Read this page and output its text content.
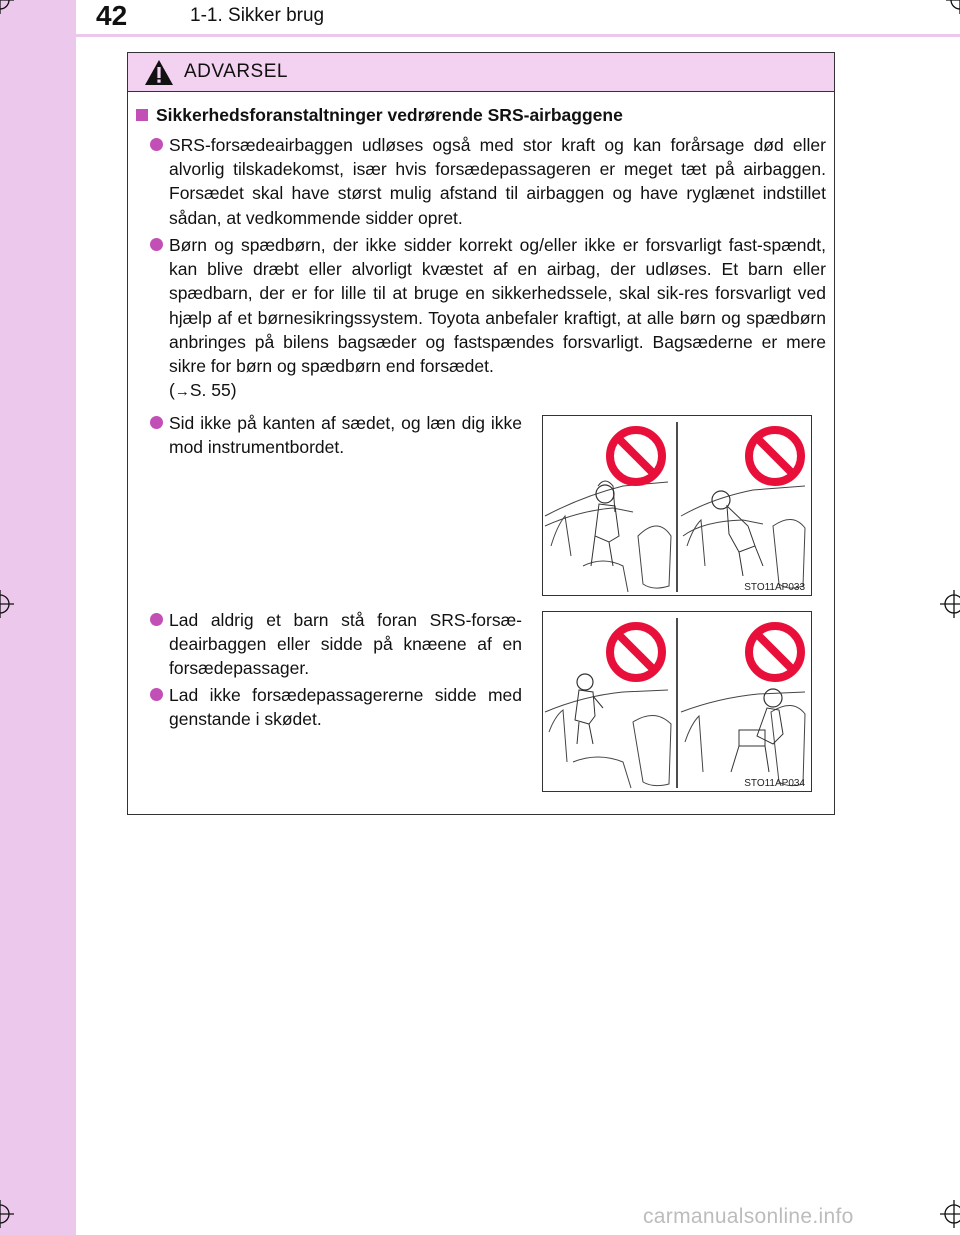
42	1-1. Sikker brug
ADVARSEL
Sikkerhedsforanstaltninger vedrørende SRS-airbaggene
SRS-forsædeairbaggen udløses også med stor kraft og kan forårsage død eller alvorlig tilskadekomst, især hvis forsædepassageren er meget tæt på airbaggen. Forsædet skal have størst mulig afstand til airbaggen og have ryglænet indstillet sådan, at vedkommende sidder opret.
Børn og spædbørn, der ikke sidder korrekt og/eller ikke er forsvarligt fast-spændt, kan blive dræbt eller alvorligt kvæstet af en airbag, der udløses. Et barn eller spædbarn, der er for lille til at bruge en sikkerhedssele, skal sik-res forsvarligt ved hjælp af et børnesikringssystem. Toyota anbefaler kraftigt, at alle børn og spædbørn anbringes på bilens bagsæder og fastspændes forsvarligt. Bagsæderne er mere sikre for børn og spædbørn end forsædet.
(→S. 55)
Sid ikke på kanten af sædet, og læn dig ikke mod instrumentbordet.
Lad aldrig et barn stå foran SRS-forsæ-deairbaggen eller sidde på knæene af en forsædepassager.
Lad ikke forsædepassagererne sidde med genstande i skødet.
STO11AP033
STO11AP034
carmanualsonline.info
